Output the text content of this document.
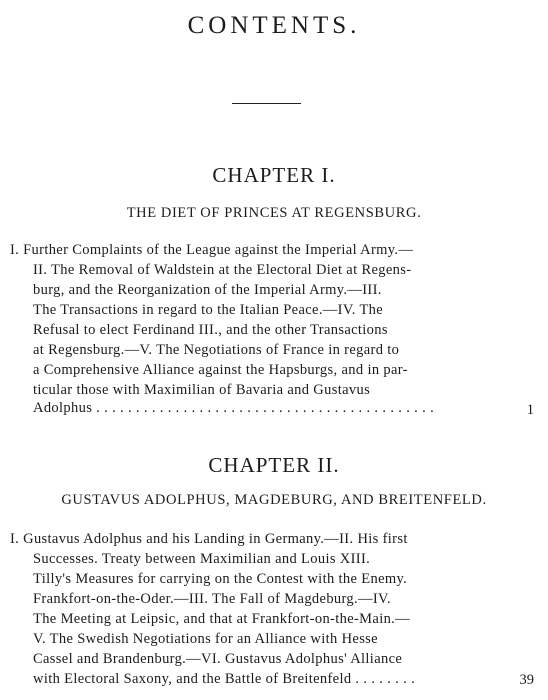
CONTENTS.
CHAPTER I.
THE DIET OF PRINCES AT REGENSBURG.
I. Further Complaints of the League against the Imperial Army.—
II. The Removal of Waldstein at the Electoral Diet at Regens-
burg, and the Reorganization of the Imperial Army.—III.
The Transactions in regard to the Italian Peace.—IV. The
Refusal to elect Ferdinand III., and the other Transactions
at Regensburg.—V. The Negotiations of France in regard to
a Comprehensive Alliance against the Hapsburgs, and in par-
ticular those with Maximilian of Bavaria and Gustavus
Adolphus . . . . . . . . . . . . . . . . . . . . . . . . . . . . . . . . . . . . . . . . . . .	1
CHAPTER II.
GUSTAVUS ADOLPHUS, MAGDEBURG, AND BREITENFELD.
I. Gustavus Adolphus and his Landing in Germany.—II. His first
Successes. Treaty between Maximilian and Louis XIII.
Tilly's Measures for carrying on the Contest with the Enemy.
Frankfort-on-the-Oder.—III. The Fall of Magdeburg.—IV.
The Meeting at Leipsic, and that at Frankfort-on-the-Main.—
V. The Swedish Negotiations for an Alliance with Hesse
Cassel and Brandenburg.—VI. Gustavus Adolphus' Alliance
with Electoral Saxony, and the Battle of Breitenfeld . . . . . . . .	39
